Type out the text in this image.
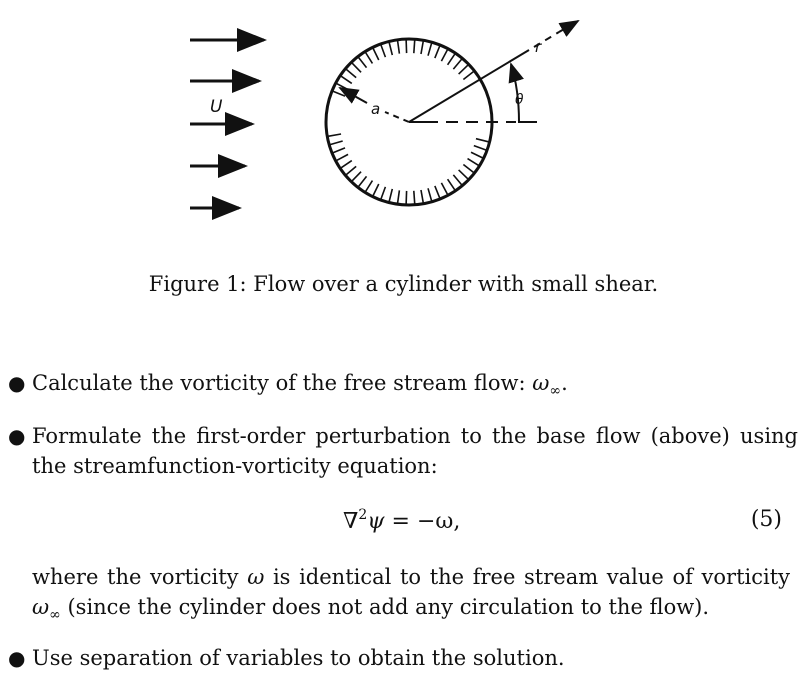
U
r
a	θ
Figure 1: Flow over a cylinder with small shear.
● Calculate the vorticity of the free stream flow: $\omega_\infty$.
● Formulate the first-order perturbation to the base flow (above) using the streamfunction-vorticity equation:
∇$^2$ψ = −ω,	(5)
where the vorticity ω is identical to the free stream value of vorticity $\omega_\infty$ (since the cylinder does not add any circulation to the flow).
● Use separation of variables to obtain the solution.
